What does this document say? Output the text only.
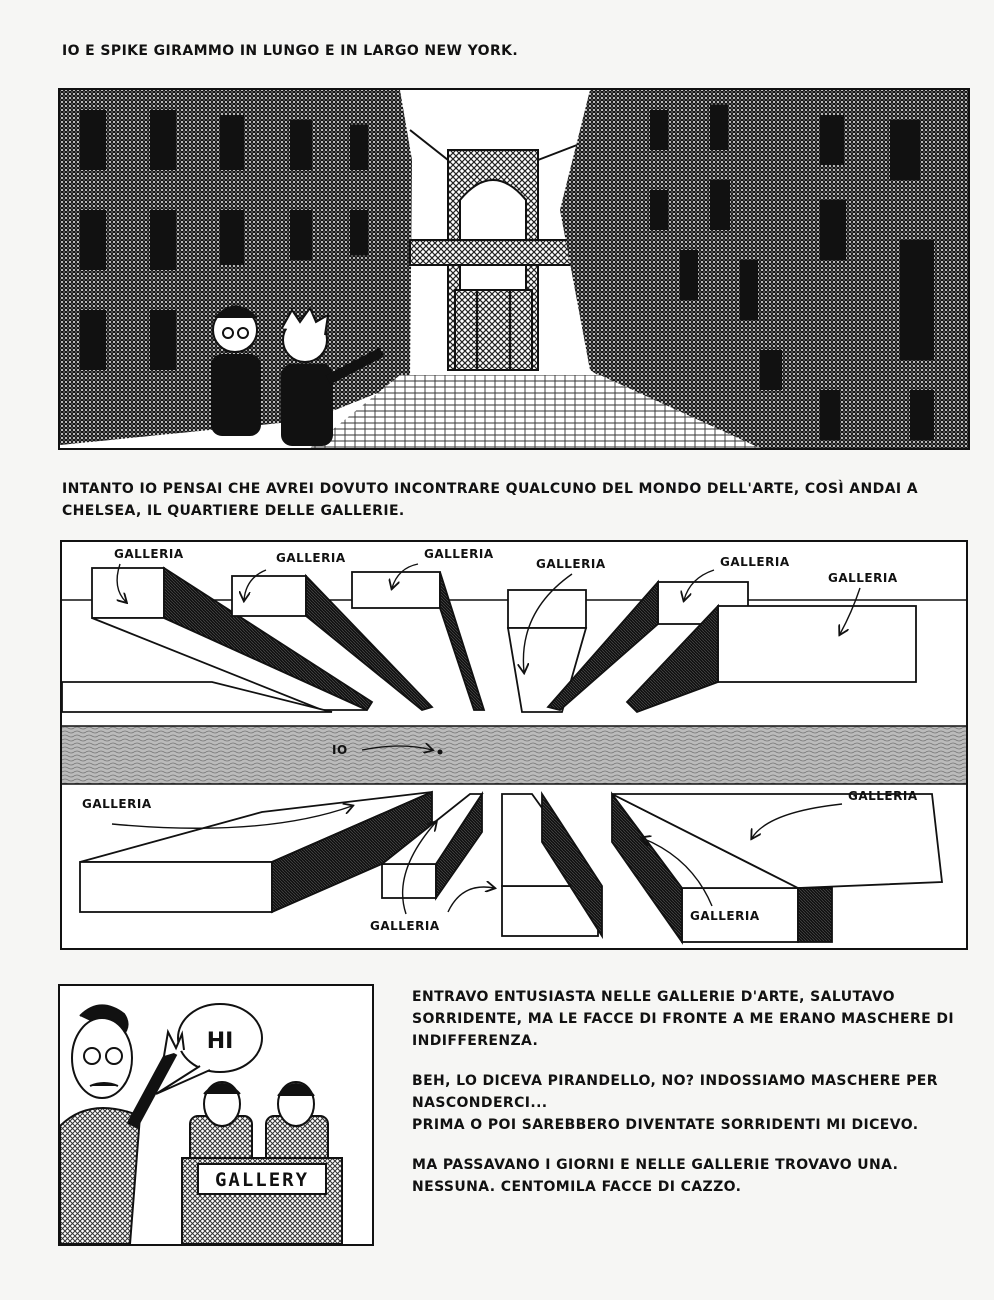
IO E SPIKE GIRAMMO IN LUNGO E IN LARGO NEW YORK.
INTANTO IO PENSAI CHE AVREI DOVUTO INCONTRARE QUALCUNO DEL MONDO DELL'ARTE, COSÌ ANDAI A
CHELSEA, IL QUARTIERE DELLE GALLERIE.
IO
GALLERIA	GALLERIA	GALLERIA
GALLERIA	GALLERIA
GALLERIA
GALLERIA
GALLERIA
GALLERIA
GALLERIA
HI
GALLERY
ENTRAVO ENTUSIASTA NELLE GALLERIE D'ARTE, SALUTAVO
SORRIDENTE, MA LE FACCE DI FRONTE A ME ERANO MASCHERE DI
INDIFFERENZA.
BEH, LO DICEVA PIRANDELLO, NO? INDOSSIAMO MASCHERE PER
NASCONDERCI...
PRIMA O POI SAREBBERO DIVENTATE SORRIDENTI MI DICEVO.
MA PASSAVANO I GIORNI E NELLE GALLERIE TROVAVO UNA.
NESSUNA. CENTOMILA FACCE DI CAZZO.
